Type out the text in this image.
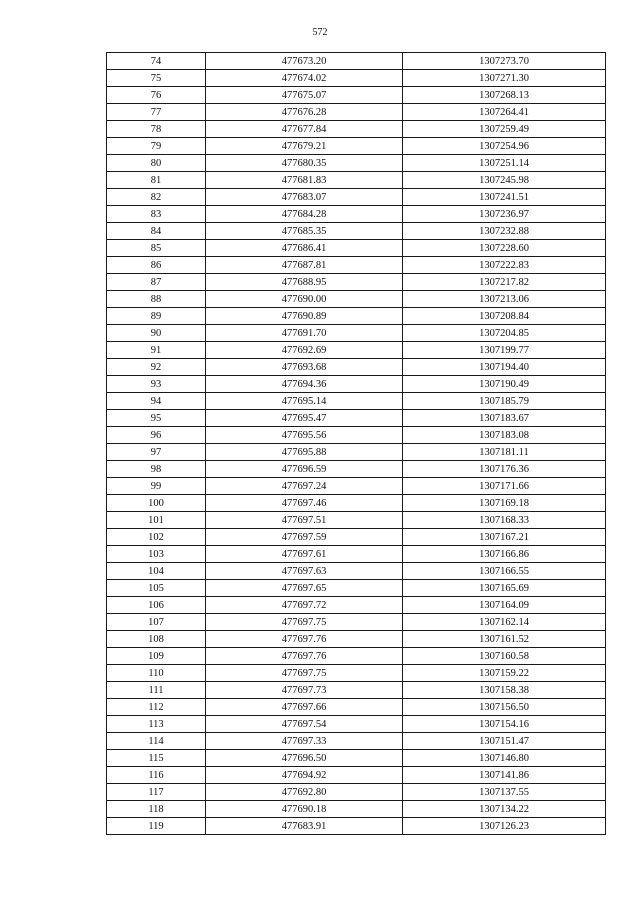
572
74	477673.20	1307273.70
75	477674.02	1307271.30
76	477675.07	1307268.13
77	477676.28	1307264.41
78	477677.84	1307259.49
79	477679.21	1307254.96
80	477680.35	1307251.14
81	477681.83	1307245.98
82	477683.07	1307241.51
83	477684.28	1307236.97
84	477685.35	1307232.88
85	477686.41	1307228.60
86	477687.81	1307222.83
87	477688.95	1307217.82
88	477690.00	1307213.06
89	477690.89	1307208.84
90	477691.70	1307204.85
91	477692.69	1307199.77
92	477693.68	1307194.40
93	477694.36	1307190.49
94	477695.14	1307185.79
95	477695.47	1307183.67
96	477695.56	1307183.08
97	477695.88	1307181.11
98	477696.59	1307176.36
99	477697.24	1307171.66
100	477697.46	1307169.18
101	477697.51	1307168.33
102	477697.59	1307167.21
103	477697.61	1307166.86
104	477697.63	1307166.55
105	477697.65	1307165.69
106	477697.72	1307164.09
107	477697.75	1307162.14
108	477697.76	1307161.52
109	477697.76	1307160.58
110	477697.75	1307159.22
111	477697.73	1307158.38
112	477697.66	1307156.50
113	477697.54	1307154.16
114	477697.33	1307151.47
115	477696.50	1307146.80
116	477694.92	1307141.86
117	477692.80	1307137.55
118	477690.18	1307134.22
119	477683.91	1307126.23
